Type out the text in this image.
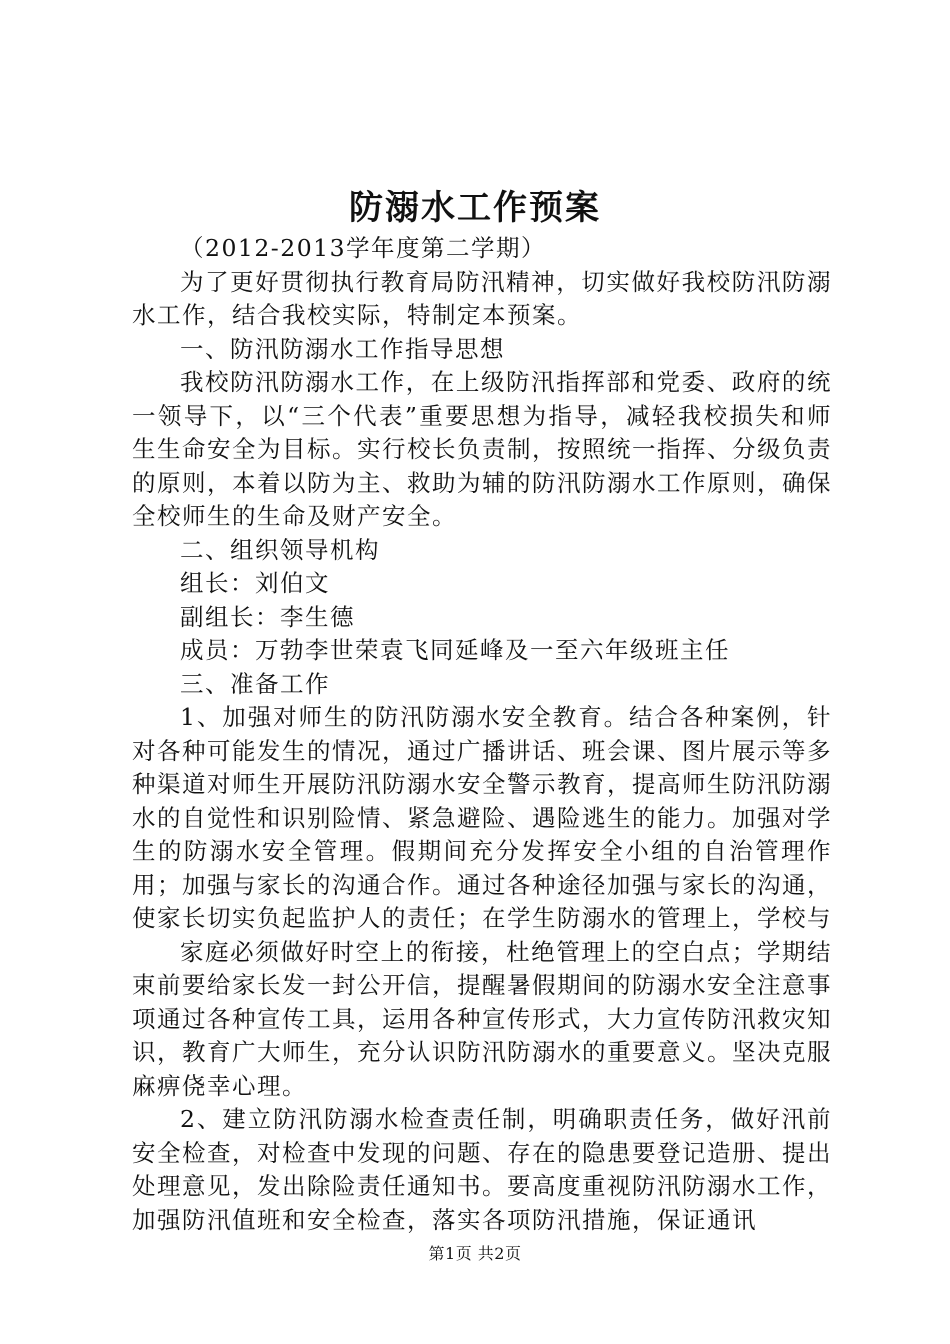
防溺水工作预案

（2012-2013学年度第二学期）

为了更好贯彻执行教育局防汛精神，切实做好我校防汛防溺水工作，结合我校实际，特制定本预案。

一、防汛防溺水工作指导思想

我校防汛防溺水工作，在上级防汛指挥部和党委、政府的统一领导下，以“三个代表”重要思想为指导，减轻我校损失和师生生命安全为目标。实行校长负责制，按照统一指挥、分级负责的原则，本着以防为主、救助为辅的防汛防溺水工作原则，确保全校师生的生命及财产安全。

二、组织领导机构

组长：刘伯文

副组长：李生德

成员：万勃李世荣袁飞同延峰及一至六年级班主任

三、准备工作

1、加强对师生的防汛防溺水安全教育。结合各种案例，针对各种可能发生的情况，通过广播讲话、班会课、图片展示等多种渠道对师生开展防汛防溺水安全警示教育，提高师生防汛防溺水的自觉性和识别险情、紧急避险、遇险逃生的能力。加强对学生的防溺水安全管理。假期间充分发挥安全小组的自治管理作用；加强与家长的沟通合作。通过各种途径加强与家长的沟通，使家长切实负起监护人的责任；在学生防溺水的管理上，学校与

家庭必须做好时空上的衔接，杜绝管理上的空白点；学期结束前要给家长发一封公开信，提醒暑假期间的防溺水安全注意事项通过各种宣传工具，运用各种宣传形式，大力宣传防汛救灾知识，教育广大师生，充分认识防汛防溺水的重要意义。坚决克服麻痹侥幸心理。

2、建立防汛防溺水检查责任制，明确职责任务，做好汛前安全检查，对检查中发现的问题、存在的隐患要登记造册、提出处理意见，发出除险责任通知书。要高度重视防汛防溺水工作，加强防汛值班和安全检查，落实各项防汛措施，保证通讯

第1页 共2页
